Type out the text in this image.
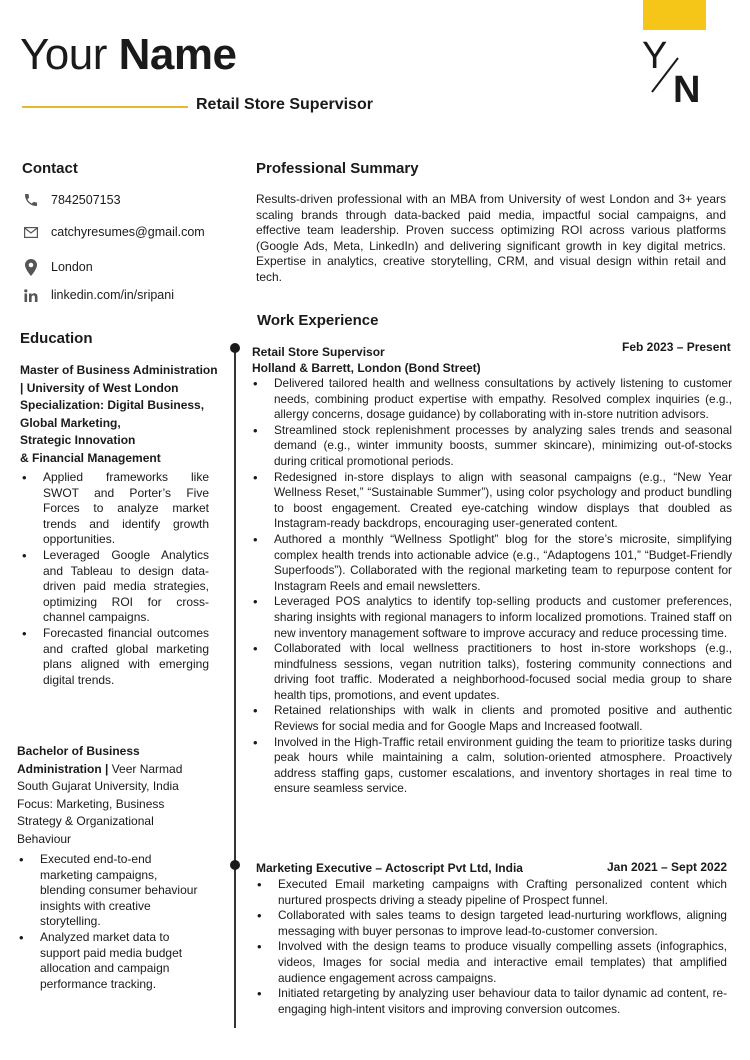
Your Name
Retail Store Supervisor
Y
N
Contact
7842507153
catchyresumes@gmail.com
London
linkedin.com/in/sripani
Education
Master of Business Administration
| University of West London
Specialization: Digital Business,
Global Marketing,
Strategic Innovation
& Financial Management
• Applied frameworks like SWOT and Porter’s Five Forces to analyze market trends and identify growth opportunities.
• Leveraged Google Analytics and Tableau to design data-driven paid media strategies, optimizing ROI for cross-channel campaigns.
• Forecasted financial outcomes and crafted global marketing plans aligned with emerging digital trends.
Bachelor of Business
Administration | Veer Narmad
South Gujarat University, India
Focus: Marketing, Business
Strategy & Organizational
Behaviour
• Executed end-to-end marketing campaigns, blending consumer behaviour insights with creative storytelling.
• Analyzed market data to support paid media budget allocation and campaign performance tracking.
Professional Summary
Results-driven professional with an MBA from University of west London and 3+ years scaling brands through data-backed paid media, impactful social campaigns, and effective team leadership. Proven success optimizing ROI across various platforms (Google Ads, Meta, LinkedIn) and delivering significant growth in key digital metrics. Expertise in analytics, creative storytelling, CRM, and visual design within retail and tech.
Work Experience
Retail Store Supervisor	Feb 2023 – Present
Holland & Barrett, London (Bond Street)
• Delivered tailored health and wellness consultations by actively listening to customer needs, combining product expertise with empathy. Resolved complex inquiries (e.g., allergy concerns, dosage guidance) by collaborating with in-store nutrition advisors.
• Streamlined stock replenishment processes by analyzing sales trends and seasonal demand (e.g., winter immunity boosts, summer skincare), minimizing out-of-stocks during critical promotional periods.
• Redesigned in-store displays to align with seasonal campaigns (e.g., “New Year Wellness Reset,” “Sustainable Summer”), using color psychology and product bundling to boost engagement. Created eye-catching window displays that doubled as Instagram-ready backdrops, encouraging user-generated content.
• Authored a monthly “Wellness Spotlight” blog for the store’s microsite, simplifying complex health trends into actionable advice (e.g., “Adaptogens 101,” “Budget-Friendly Superfoods”). Collaborated with the regional marketing team to repurpose content for Instagram Reels and email newsletters.
• Leveraged POS analytics to identify top-selling products and customer preferences, sharing insights with regional managers to inform localized promotions. Trained staff on new inventory management software to improve accuracy and reduce processing time.
• Collaborated with local wellness practitioners to host in-store workshops (e.g., mindfulness sessions, vegan nutrition talks), fostering community connections and driving foot traffic. Moderated a neighborhood-focused social media group to share health tips, promotions, and event updates.
• Retained relationships with walk in clients and promoted positive and authentic Reviews for social media and for Google Maps and Increased footwall.
• Involved in the High-Traffic retail environment guiding the team to prioritize tasks during peak hours while maintaining a calm, solution-oriented atmosphere. Proactively address staffing gaps, customer escalations, and inventory shortages in real time to ensure seamless service.
Marketing Executive – Actoscript Pvt Ltd, India	Jan 2021 – Sept 2022
• Executed Email marketing campaigns with Crafting personalized content which nurtured prospects driving a steady pipeline of Prospect funnel.
• Collaborated with sales teams to design targeted lead-nurturing workflows, aligning messaging with buyer personas to improve lead-to-customer conversion.
• Involved with the design teams to produce visually compelling assets (infographics, videos, Images for social media and interactive email templates) that amplified audience engagement across campaigns.
• Initiated retargeting by analyzing user behaviour data to tailor dynamic ad content, re-engaging high-intent visitors and improving conversion outcomes.
